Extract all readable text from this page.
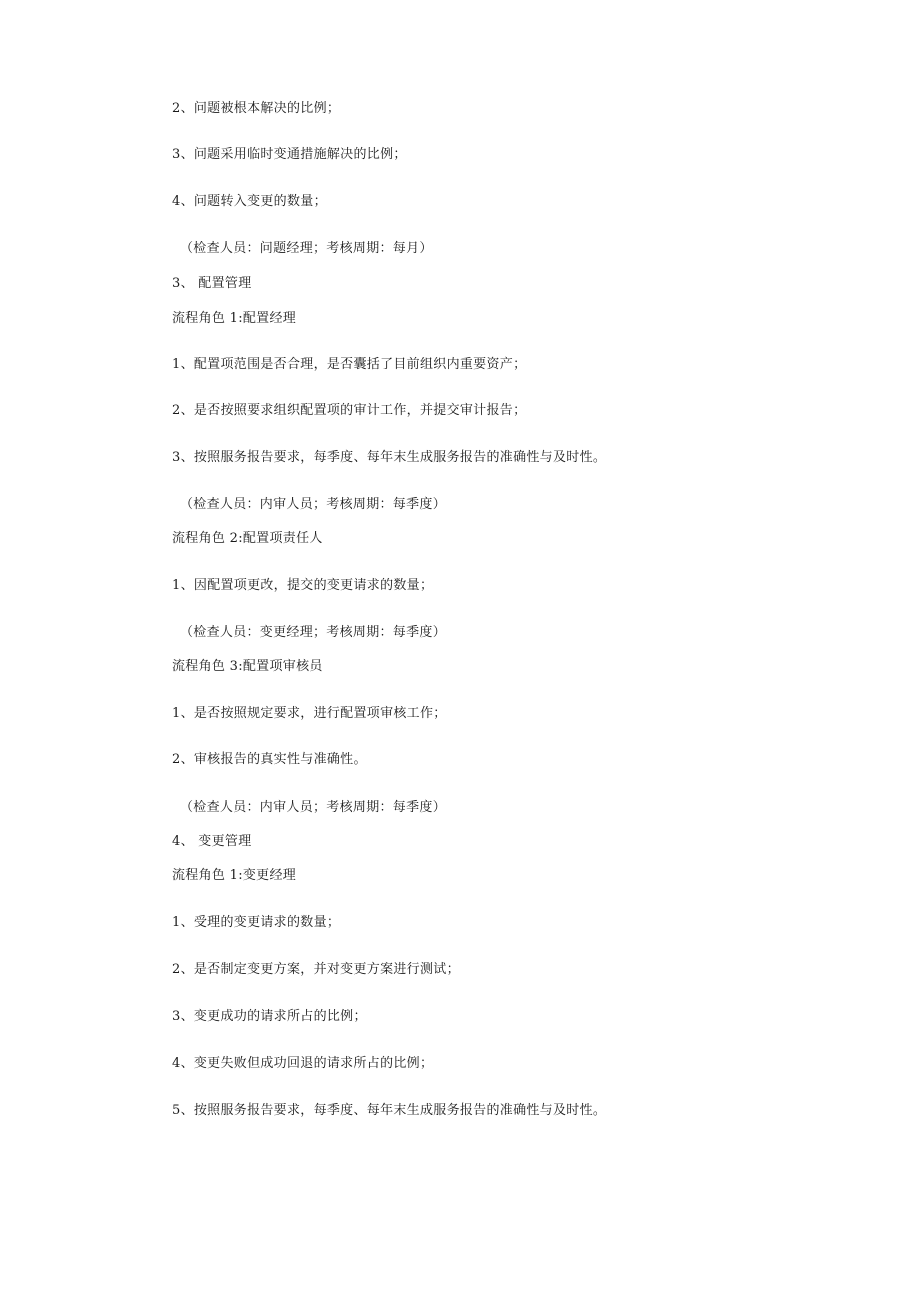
2、问题被根本解决的比例；
3、问题采用临时变通措施解决的比例；
4、问题转入变更的数量；
（检查人员：问题经理；考核周期：每月）
3、 配置管理
流程角色 1:配置经理
1、配置项范围是否合理，是否囊括了目前组织内重要资产；
2、是否按照要求组织配置项的审计工作，并提交审计报告；
3、按照服务报告要求，每季度、每年末生成服务报告的准确性与及时性。
（检查人员：内审人员；考核周期：每季度）
流程角色 2:配置项责任人
1、因配置项更改，提交的变更请求的数量；
（检查人员：变更经理；考核周期：每季度）
流程角色 3:配置项审核员
1、是否按照规定要求，进行配置项审核工作；
2、审核报告的真实性与准确性。
（检查人员：内审人员；考核周期：每季度）
4、 变更管理
流程角色 1:变更经理
1、受理的变更请求的数量；
2、是否制定变更方案，并对变更方案进行测试；
3、变更成功的请求所占的比例；
4、变更失败但成功回退的请求所占的比例；
5、按照服务报告要求，每季度、每年末生成服务报告的准确性与及时性。
